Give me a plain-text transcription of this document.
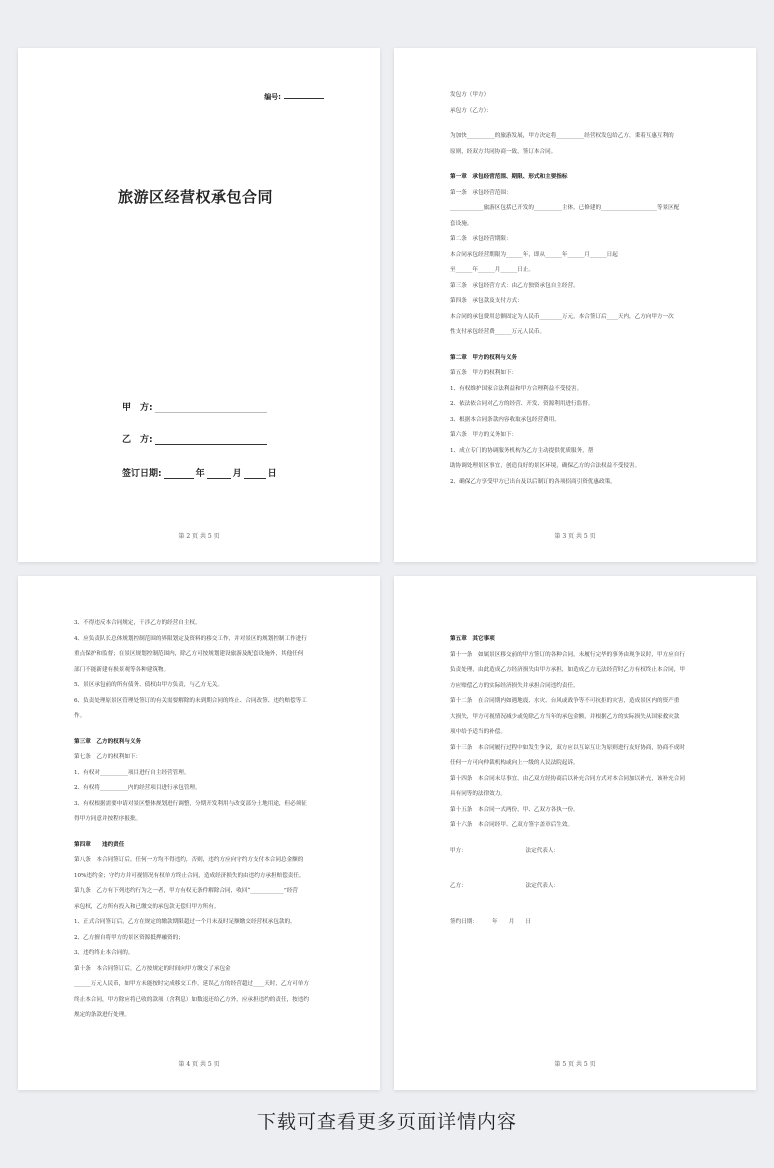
编号:
旅游区经营权承包合同
甲　方:
乙　方:
签订日期:	年	月	日
第 2 页 共 5 页
发包方（甲方）
承包方（乙方）：
为加快__________的旅游发展，甲方决定将__________经营权发包给乙方，秉着互惠互利的
原则，经双方共同协商一致，签订本合同。
第一章　承包经营范围、期限、形式和主要指标
第一条　承包经营范围：
____________旅游区包括已开发的__________主体，已修建的____________________等景区配
套设施。
第二条　承包经营期限：
本合同承包经营期限为______年，即从______年______月______日起
至______年______月______日止。
第三条　承包经营方式：由乙方独资承包自主经营。
第四条　承包款及支付方式：
本合同的承包费用总额固定为人民币________万元，本合签订后____天内，乙方向甲方一次
性支付承包经营费______万元人民币。
第二章　甲方的权利与义务
第五条　甲方的权利如下：
1、有权维护国家合法利益和甲方合理利益不受侵害。
2、依法依合同对乙方的经营、开发、资源利用进行监督。
3、根据本合同条款内容收取承包经营费用。
第六条　甲方的义务如下：
1、成立专门的协调服务机构为乙方主动提供优质服务，帮
助协调处理景区事宜，创造良好的景区环境，确保乙方的合法权益不受侵害。
2、确保乙方享受甲方已出台及以后制订的各项招商引资优惠政策。
第 3 页 共 5 页
3、不得违反本合同规定，干涉乙方的经营自主权。
4、应负责队长总体规划控制范围的界限划定及资料的移交工作，并对景区的规划控制工作进行
重点保护和监督；在景区规划控制范围内，除乙方可按规划建设旅游及配套设施外，其他任何
部门不能新建有损景观等各种建筑物。
5、景区承包前的所有债务、债权由甲方负责，与乙方无关。
6、负责处理原景区管理处签订的有关需要解除的未到期合同的终止、合同改签、违约赔偿等工
作。
第三章　乙方的权利与义务
第七条　乙方的权利如下：
1、有权对__________项目进行自主经营管理。
2、有权将__________内的经营项目进行承包管理。
3、有权根据需要申请对景区整体规划进行调整，分期开发利用与改变部分土地用途，但必须征
得甲方同意并按程序报批。
第四章　　违约责任
第八条　本合同签订后，任何一方均不得违约，否则，违约方应向守约方支付本合同总金额的
10%违约金；守约方并可视情况有权单方终止合同，造成经济损失的由违约方承担赔偿责任。
第九条　乙方有下列违约行为之一者，甲方有权无条件解除合同，收回“____________”经营
承包权，乙方所有投入和已缴交的承包款无偿归甲方所有。
1、正式合同签订后，乙方在规定的缴款期限超过一个月未及时足额缴交经营权承包款的。
2、乙方擅自将甲方的景区资源抵押融资的；
3、违约终止本合同的。
第十条　本合同签订后，乙方按规定的时间向甲方缴交了承包金
______万元人民币，如甲方未能按时完成移交工作，延误乙方的经营超过____天时，乙方可单方
终止本合同，甲方除应将已收的款项（含利息）如数退还给乙方外，应承担违约的责任，按违约
规定的条款进行处理。
第 4 页 共 5 页
第五章　其它事项
第十一条　如属景区移交前的甲方签订的各种合同，未履行完毕的事务由现争议时，甲方应自行
负责处理，由此造成乙方经济损失由甲方承担，如造成乙方无法经营时乙方有权终止本合同，甲
方应赔偿乙方的实际经济损失并承担合同违约责任。
第十二条　在合同期内如遇地震、水灾、台风或战争等不可抗拒的灾害，造成景区内的资产重
大损失，甲方可视情况减少或免除乙方当年的承包金额，并根据乙方的实际损失从国家救灾款
项中给予适当的补偿。
第十三条　本合同履行过程中如发生争议，双方应以互谅互让为原则进行友好协商，协商不成时
任何一方可向仲裁机构或向上一级的人民法院起诉。
第十四条　本合同未尽事宜，由乙双方经协商后以补充合同方式对本合同加以补充，该补充合同
具有同等的法律效力。
第十五条　本合同一式两份，甲、乙双方各执一份。
第十六条　本合同经甲、乙双方签字盖章后生效。
甲方：　　　　　　　　　　　法定代表人：
乙方：　　　　　　　　　　　法定代表人：
签约日期：　　　年　　月　　日
第 5 页 共 5 页
下载可查看更多页面详情内容
